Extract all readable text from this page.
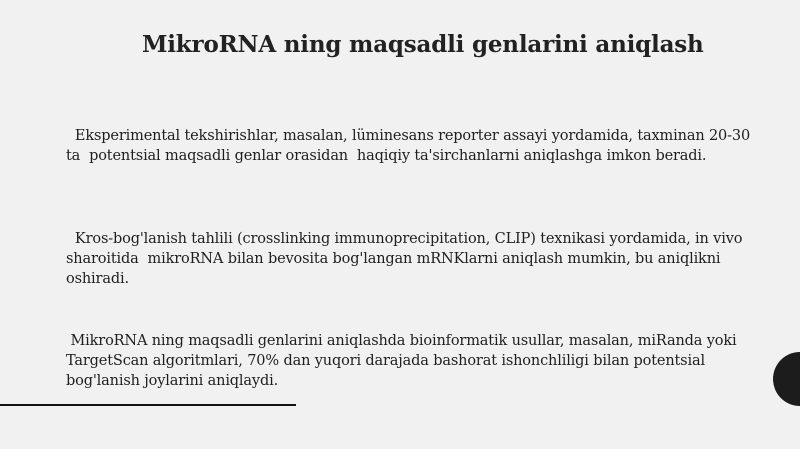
MikroRNA ning maqsadli genlarini aniqlash

Eksperimental tekshirishlar, masalan, lüminesans reporter assayi yordamida, taxminan 20-30 ta  potentsial maqsadli genlar orasidan  haqiqiy ta'sirchanlarni aniqlashga imkon beradi.

Kros-bog'lanish tahlili (crosslinking immunoprecipitation, CLIP) texnikasi yordamida, in vivo sharoitida  mikroRNA bilan bevosita bog'langan mRNKlarni aniqlash mumkin, bu aniqlikni oshiradi.

MikroRNA ning maqsadli genlarini aniqlashda bioinformatik usullar, masalan, miRanda yoki TargetScan algoritmlari, 70% dan yuqori darajada bashorat ishonchliligi bilan potentsial bog'lanish joylarini aniqlaydi.
